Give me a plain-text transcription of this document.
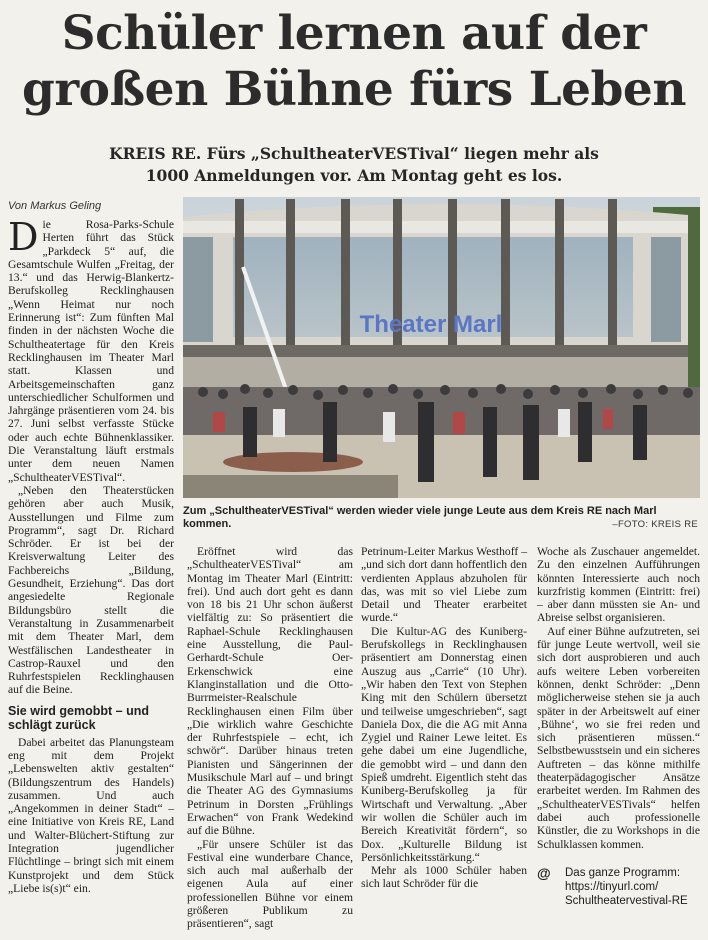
Schüler lernen auf der
großen Bühne fürs Leben
KREIS RE. Fürs „SchultheaterVESTival“ liegen mehr als
1000 Anmeldungen vor. Am Montag geht es los.
Von Markus Geling

Die Rosa-Parks-Schule Herten führt das Stück „Parkdeck 5“ auf, die Gesamtschule Wulfen „Freitag, der 13.“ und das Herwig-Blankertz-Berufskolleg Recklinghausen „Wenn Heimat nur noch Erinnerung ist“: Zum fünften Mal finden in der nächsten Woche die Schultheatertage für den Kreis Recklinghausen im Theater Marl statt. Klassen und Arbeitsgemeinschaften ganz unterschiedlicher Schulformen und Jahrgänge präsentieren vom 24. bis 27. Juni selbst verfasste Stücke oder auch echte Bühnenklassiker. Die Veranstaltung läuft erstmals unter dem neuen Namen „SchultheaterVESTival“.

„Neben den Theaterstücken gehören aber auch Musik, Ausstellungen und Filme zum Programm“, sagt Dr. Richard Schröder. Er ist bei der Kreisverwaltung Leiter des Fachbereichs „Bildung, Gesundheit, Erziehung“. Das dort angesiedelte Regionale Bildungsbüro stellt die Veranstaltung in Zusammenarbeit mit dem Theater Marl, dem Westfälischen Landestheater in Castrop-Rauxel und den Ruhrfestspielen Recklinghausen auf die Beine.

Sie wird gemobbt – und schlägt zurück

Dabei arbeitet das Planungsteam eng mit dem Projekt „Lebenswelten aktiv gestalten“ (Bildungszentrum des Handels) zusammen. Und auch „Angekommen in deiner Stadt“ – eine Initiative von Kreis RE, Land und Walter-Blüchert-Stiftung zur Integration jugendlicher Flüchtlinge – bringt sich mit einem Kunstprojekt und dem Stück „Liebe is(s)t“ ein.

Theater Marl
Zum „SchultheaterVESTival“ werden wieder viele junge Leute aus dem Kreis RE nach Marl kommen.	–FOTO: KREIS RE

Eröffnet wird das „SchultheaterVESTival“ am Montag im Theater Marl (Eintritt: frei). Und auch dort geht es dann von 18 bis 21 Uhr schon äußerst vielfältig zu: So präsentiert die Raphael-Schule Recklinghausen eine Ausstellung, die Paul-Gerhardt-Schule Oer-Erkenschwick eine Klanginstallation und die Otto-Burrmeister-Realschule Recklinghausen einen Film über „Die wirklich wahre Geschichte der Ruhrfestspiele – echt, ich schwör“. Darüber hinaus treten Pianisten und Sängerinnen der Musikschule Marl auf – und bringt die Theater AG des Gymnasiums Petrinum in Dorsten „Frühlings Erwachen“ von Frank Wedekind auf die Bühne.

„Für unsere Schüler ist das Festival eine wunderbare Chance, sich auch mal außerhalb der eigenen Aula auf einer professionellen Bühne vor einem größeren Publikum zu präsentieren“, sagt

Petrinum-Leiter Markus Westhoff – „und sich dort dann hoffentlich den verdienten Applaus abzuholen für das, was mit so viel Liebe zum Detail und Theater erarbeitet wurde.“

Die Kultur-AG des Kuniberg-Berufskollegs in Recklinghausen präsentiert am Donnerstag einen Auszug aus „Carrie“ (10 Uhr). „Wir haben den Text von Stephen King mit den Schülern übersetzt und teilweise umgeschrieben“, sagt Daniela Dox, die die AG mit Anna Zygiel und Rainer Lewe leitet. Es gehe dabei um eine Jugendliche, die gemobbt wird – und dann den Spieß umdreht. Eigentlich steht das Kuniberg-Berufskolleg ja für Wirtschaft und Verwaltung. „Aber wir wollen die Schüler auch im Bereich Kreativität fördern“, so Dox. „Kulturelle Bildung ist Persönlichkeitsstärkung.“

Mehr als 1000 Schüler haben sich laut Schröder für die

Woche als Zuschauer angemeldet. Zu den einzelnen Aufführungen könnten Interessierte auch noch kurzfristig kommen (Eintritt: frei) – aber dann müssten sie An- und Abreise selbst organisieren.

Auf einer Bühne aufzutreten, sei für junge Leute wertvoll, weil sie sich dort ausprobieren und auch aufs weitere Leben vorbereiten können, denkt Schröder: „Denn möglicherweise stehen sie ja auch später in der Arbeitswelt auf einer ‚Bühne‘, wo sie frei reden und sich präsentieren müssen.“ Selbstbewusstsein und ein sicheres Auftreten – das könne mithilfe theaterpädagogischer Ansätze erarbeitet werden. Im Rahmen des „SchultheaterVESTivals“ helfen dabei auch professionelle Künstler, die zu Workshops in die Schulklassen kommen.

@ Das ganze Programm:
https://tinyurl.com/
Schultheatervestival-RE
